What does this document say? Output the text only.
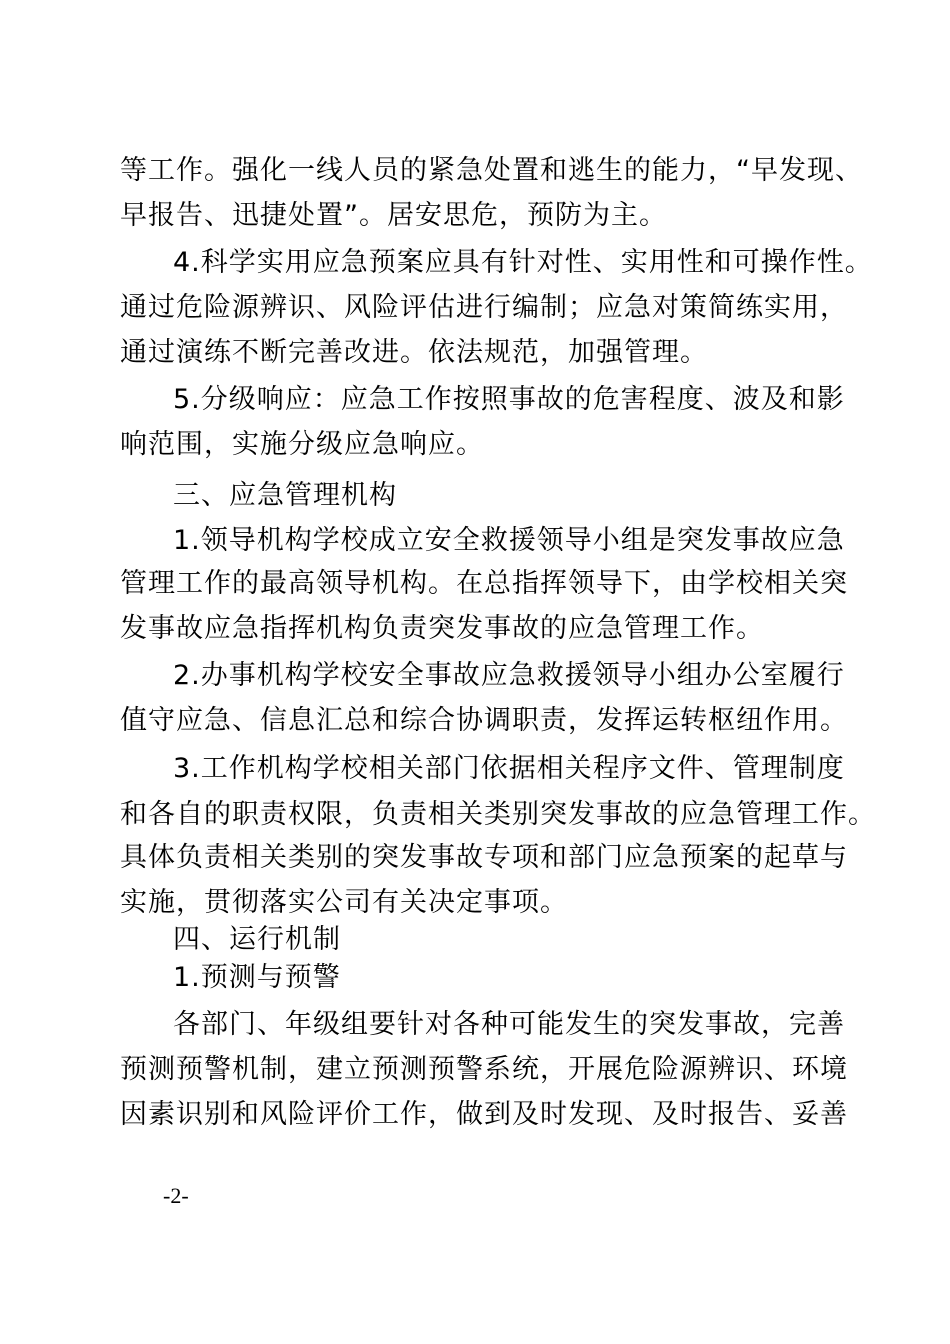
等工作。强化一线人员的紧急处置和逃生的能力，“早发现、
早报告、迅捷处置”。居安思危，预防为主。
4.科学实用应急预案应具有针对性、实用性和可操作性。
通过危险源辨识、风险评估进行编制；应急对策简练实用，
通过演练不断完善改进。依法规范，加强管理。
5.分级响应：应急工作按照事故的危害程度、波及和影
响范围，实施分级应急响应。
三、应急管理机构
1.领导机构学校成立安全救援领导小组是突发事故应急
管理工作的最高领导机构。在总指挥领导下，由学校相关突
发事故应急指挥机构负责突发事故的应急管理工作。
2.办事机构学校安全事故应急救援领导小组办公室履行
值守应急、信息汇总和综合协调职责，发挥运转枢纽作用。
3.工作机构学校相关部门依据相关程序文件、管理制度
和各自的职责权限，负责相关类别突发事故的应急管理工作。
具体负责相关类别的突发事故专项和部门应急预案的起草与
实施，贯彻落实公司有关决定事项。
四、运行机制
1.预测与预警
各部门、年级组要针对各种可能发生的突发事故，完善
预测预警机制，建立预测预警系统，开展危险源辨识、环境
因素识别和风险评价工作，做到及时发现、及时报告、妥善
-2-
